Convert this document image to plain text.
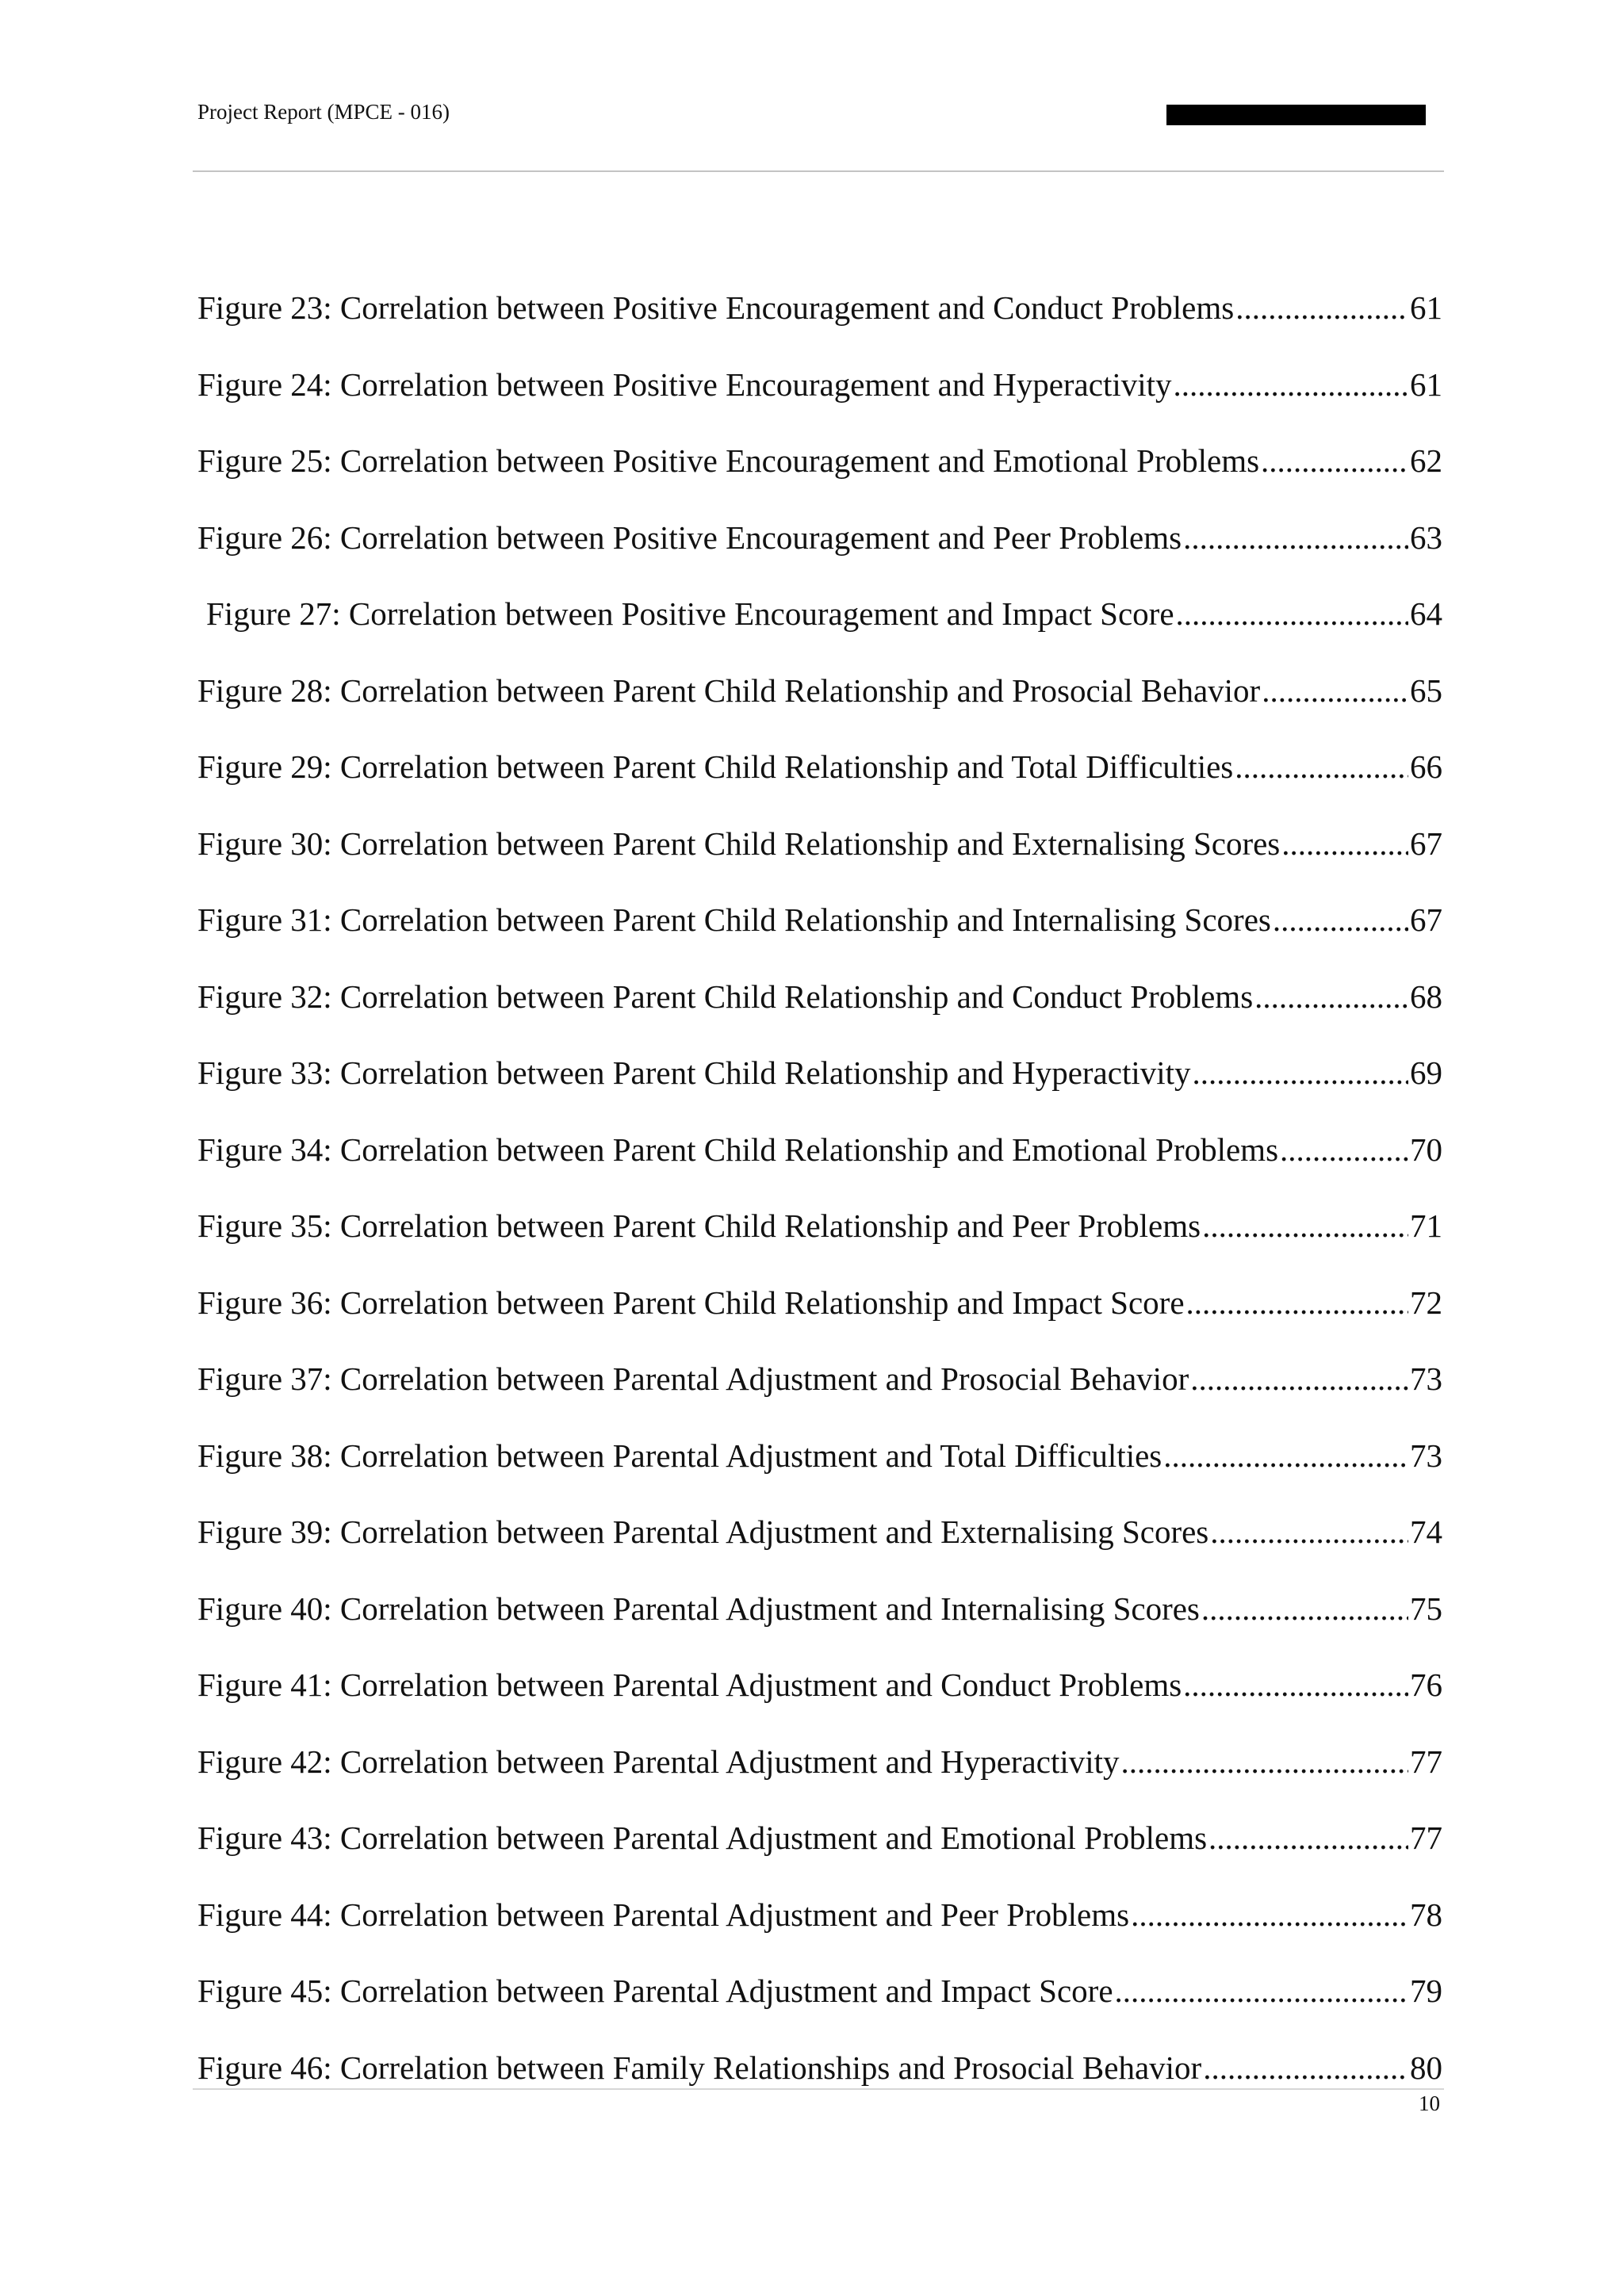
Project Report (MPCE - 016)
Figure 23: Correlation between Positive Encouragement and Conduct Problems .....	61
Figure 24: Correlation between Positive Encouragement and Hyperactivity .....	61
Figure 25: Correlation between Positive Encouragement and Emotional Problems .....	62
Figure 26: Correlation between Positive Encouragement and Peer Problems .....	63
Figure 27: Correlation between Positive Encouragement and Impact Score .....	64
Figure 28: Correlation between Parent Child Relationship and Prosocial Behavior .....	65
Figure 29: Correlation between Parent Child Relationship and Total Difficulties .....	66
Figure 30: Correlation between Parent Child Relationship and Externalising Scores .....	67
Figure 31: Correlation between Parent Child Relationship and Internalising Scores .....	67
Figure 32: Correlation between Parent Child Relationship and Conduct Problems .....	68
Figure 33: Correlation between Parent Child Relationship and Hyperactivity .....	69
Figure 34: Correlation between Parent Child Relationship and Emotional Problems .....	70
Figure 35: Correlation between Parent Child Relationship and Peer Problems .....	71
Figure 36: Correlation between Parent Child Relationship and Impact Score .....	72
Figure 37: Correlation between Parental Adjustment and Prosocial Behavior .....	73
Figure 38: Correlation between Parental Adjustment and Total Difficulties .....	73
Figure 39: Correlation between Parental Adjustment and Externalising Scores .....	74
Figure 40: Correlation between Parental Adjustment and Internalising Scores .....	75
Figure 41: Correlation between Parental Adjustment and Conduct Problems .....	76
Figure 42: Correlation between Parental Adjustment and Hyperactivity .....	77
Figure 43: Correlation between Parental Adjustment and Emotional Problems .....	77
Figure 44: Correlation between Parental Adjustment and Peer Problems .....	78
Figure 45: Correlation between Parental Adjustment and Impact Score .....	79
Figure 46: Correlation between Family Relationships and Prosocial Behavior .....	80
10
